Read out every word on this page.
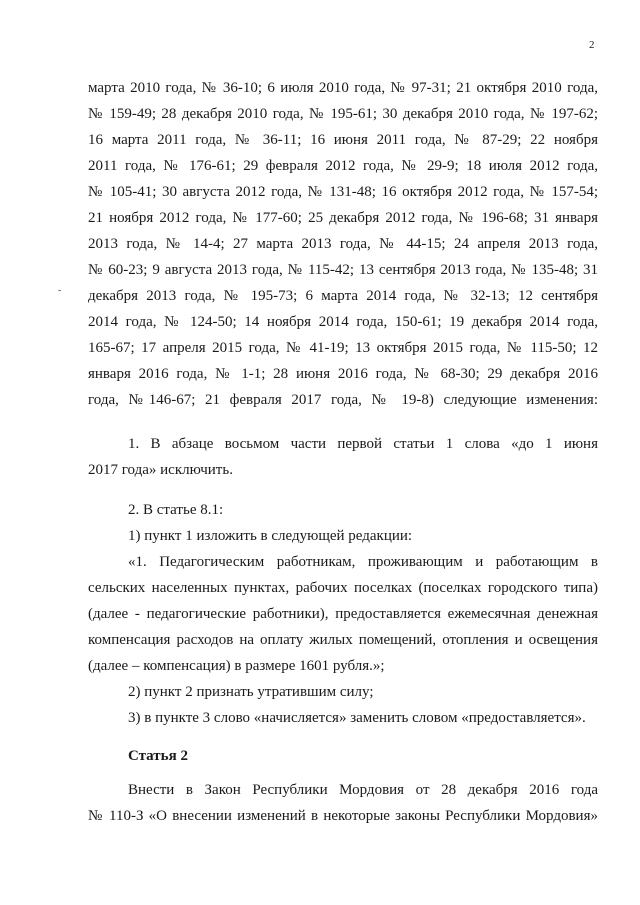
2
-
марта 2010 года, № 36-10; 6 июля 2010 года, № 97-31; 21 октября 2010 года,
№ 159-49; 28 декабря 2010 года, № 195-61; 30 декабря 2010 года, № 197-62;
16 марта 2011 года, № 36-11; 16 июня 2011 года, № 87-29; 22 ноября
2011 года, № 176-61; 29 февраля 2012 года, № 29-9; 18 июля 2012 года,
№ 105-41; 30 августа 2012 года, № 131-48; 16 октября 2012 года, № 157-54;
21 ноября 2012 года, № 177-60; 25 декабря 2012 года, № 196-68; 31 января
2013 года, № 14-4; 27 марта 2013 года, № 44-15; 24 апреля 2013 года,
№ 60-23; 9 августа 2013 года, № 115-42; 13 сентября 2013 года, № 135-48; 31
декабря 2013 года, № 195-73; 6 марта 2014 года, № 32-13; 12 сентября
2014 года, № 124-50; 14 ноября 2014 года, 150-61; 19 декабря 2014 года,
165-67; 17 апреля 2015 года, № 41-19; 13 октября 2015 года, № 115-50; 12
января 2016 года, № 1-1; 28 июня 2016 года, № 68-30; 29 декабря 2016
года, №146-67; 21 февраля 2017 года, № 19-8) следующие изменения:
1. В абзаце восьмом части первой статьи 1 слова «до 1 июня
2017 года» исключить.
2. В статье 8.1:
1) пункт 1 изложить в следующей редакции:
«1. Педагогическим работникам, проживающим и работающим в
сельских населенных пунктах, рабочих поселках (поселках городского типа)
(далее - педагогические работники), предоставляется ежемесячная денежная
компенсация расходов на оплату жилых помещений, отопления и освещения
(далее – компенсация) в размере 1601 рубля.»;
2) пункт 2 признать утратившим силу;
3) в пункте 3 слово «начисляется» заменить словом «предоставляется».
Статья 2
Внести в Закон Республики Мордовия от 28 декабря 2016 года
№ 110-З «О внесении изменений в некоторые законы Республики Мордовия»
